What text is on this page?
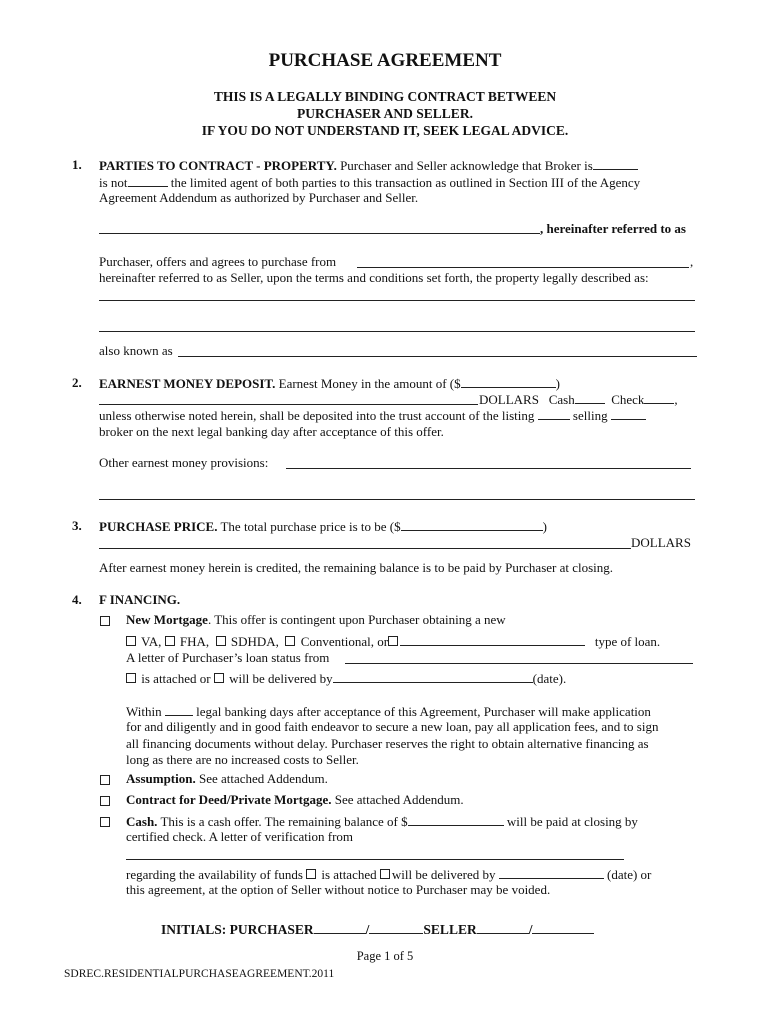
PURCHASE AGREEMENT
THIS IS A LEGALLY BINDING CONTRACT BETWEEN
PURCHASER AND SELLER.
IF YOU DO NOT UNDERSTAND IT, SEEK LEGAL ADVICE.
1. PARTIES TO CONTRACT - PROPERTY. Purchaser and Seller acknowledge that Broker is
is not	the limited agent of both parties to this transaction as outlined in Section III of the Agency
Agreement Addendum as authorized by Purchaser and Seller.
, hereinafter referred to as
Purchaser, offers and agrees to purchase from	,
hereinafter referred to as Seller, upon the terms and conditions set forth, the property legally described as:
also known as
2. EARNEST MONEY DEPOSIT. Earnest Money in the amount of ($	)
DOLLARS Cash	Check ,
unless otherwise noted herein, shall be deposited into the trust account of the listing	selling
broker on the next legal banking day after acceptance of this offer.
Other earnest money provisions:
3. PURCHASE PRICE. The total purchase price is to be ($	)
DOLLARS
After earnest money herein is credited, the remaining balance is to be paid by Purchaser at closing.
4. F INANCING.
New Mortgage. This offer is contingent upon Purchaser obtaining a new
VA, FHA, SDHDA, Conventional, or	type of loan.
A letter of Purchaser’s loan status from
is attached or will be delivered by	(date).
Within	legal banking days after acceptance of this Agreement, Purchaser will make application
for and diligently and in good faith endeavor to secure a new loan, pay all application fees, and to sign
all financing documents without delay. Purchaser reserves the right to obtain alternative financing as
long as there are no increased costs to Seller.
Assumption. See attached Addendum.
Contract for Deed/Private Mortgage. See attached Addendum.
Cash. This is a cash offer. The remaining balance of $	will be paid at closing by
certified check. A letter of verification from
regarding the availability of funds is attached will be delivered by	(date) or
this agreement, at the option of Seller without notice to Purchaser may be voided.
INITIALS: PURCHASER	/	SELLER	/
Page 1 of 5
SDREC.RESIDENTIALPURCHASEAGREEMENT.2011
